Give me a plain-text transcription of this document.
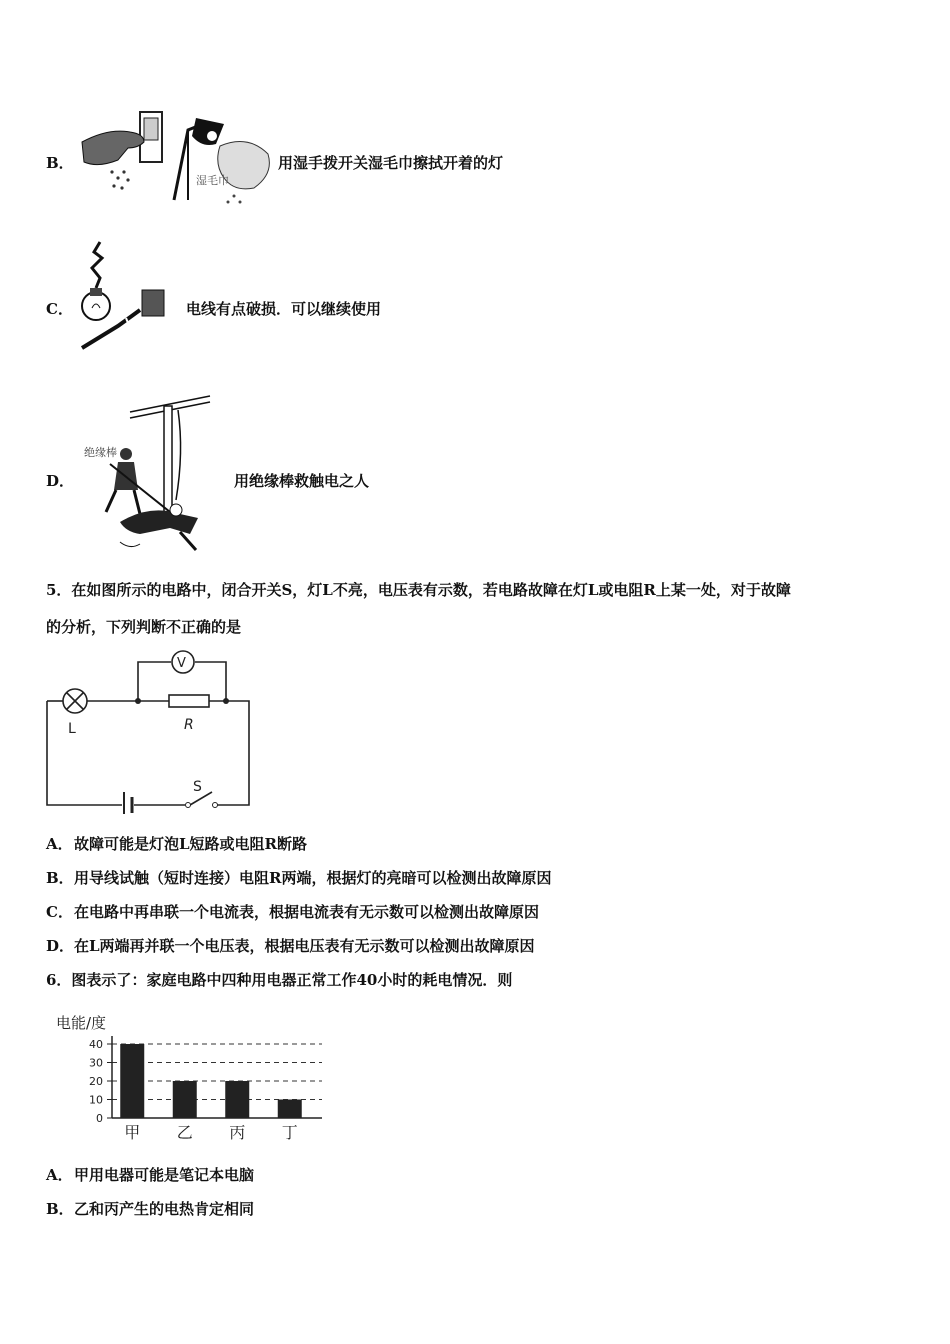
B．
湿毛巾
用湿手拨开关湿毛巾擦拭开着的灯
C．	电线有点破损．可以继续使用
D．
绝缘棒
用绝缘棒救触电之人
5．在如图所示的电路中，闭合开关S，灯L不亮，电压表有示数，若电路故障在灯L或电阻R上某一处，对于故障
的分析，下列判断不正确的是
V
L	R
S
A． 故障可能是灯泡L短路或电阻R断路
B． 用导线试触（短时连接）电阻R两端，根据灯的亮暗可以检测出故障原因
C． 在电路中再串联一个电流表，根据电流表有无示数可以检测出故障原因
D． 在L两端再并联一个电压表，根据电压表有无示数可以检测出故障原因
6．图表示了：家庭电路中四种用电器正常工作40小时的耗电情况．则
电能/度
0
10
20
30
40
甲 乙 丙 丁
A． 甲用电器可能是笔记本电脑
B． 乙和丙产生的电热肯定相同
